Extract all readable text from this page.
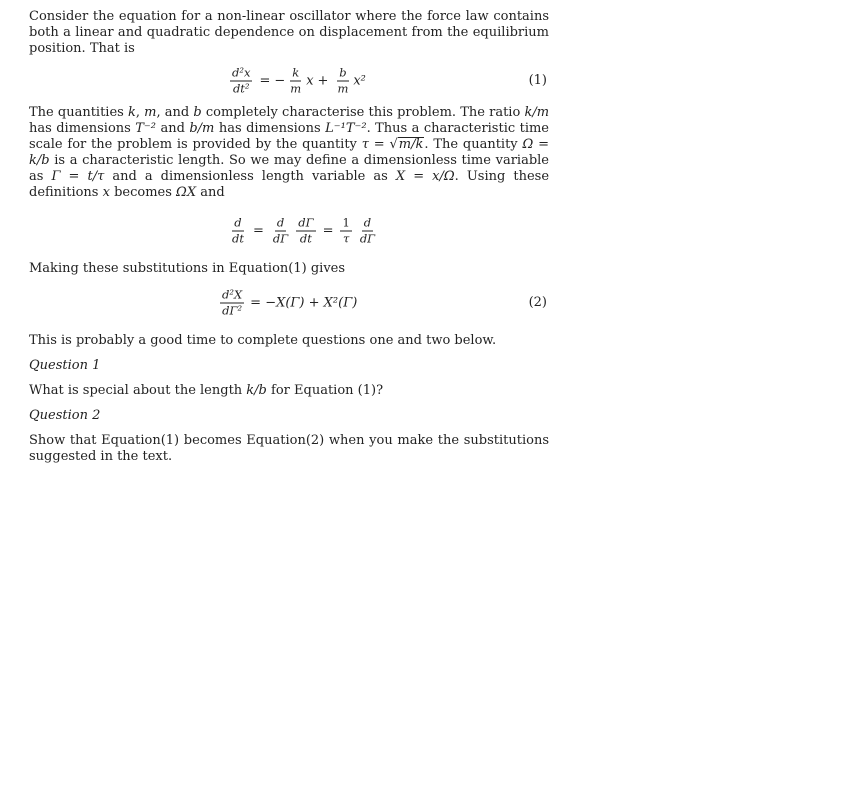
Consider the equation for a non-linear oscillator where the force law contains both a linear and quadratic dependence on displacement from the equilibrium position. That is

$\frac{\text{d²x}}{\text{dt²}}$ = − $\frac{k}{m}$ $x + \frac{b}{m} x^2$	(1)

The quantities k, m, and b completely characterise this problem. The ratio k/m has dimensions T⁻² and b/m has dimensions L⁻¹T⁻². Thus a characteristic time scale for the problem is provided by the quantity τ = √m/k. The quantity Ω = k/b is a characteristic length. So we may define a dimensionless time variable as Γ = t/τ and a dimensionless length variable as X = x/Ω. Using these definitions x becomes ΩX and

$\frac{d}{dt} = \frac{d}{d\Gamma} \frac{d\Gamma}{dt} = \frac{1}{\tau} \frac{d}{d\Gamma}$

Making these substitutions in Equation(1) gives

$\frac{\text{d²X}}{\text{dΓ²}} = -X(\Gamma) + X^2(\Gamma)$	(2)

This is probably a good time to complete questions one and two below.

Question 1

What is special about the length k/b for Equation (1)?

Question 2

Show that Equation(1) becomes Equation(2) when you make the substitutions suggested in the text.
